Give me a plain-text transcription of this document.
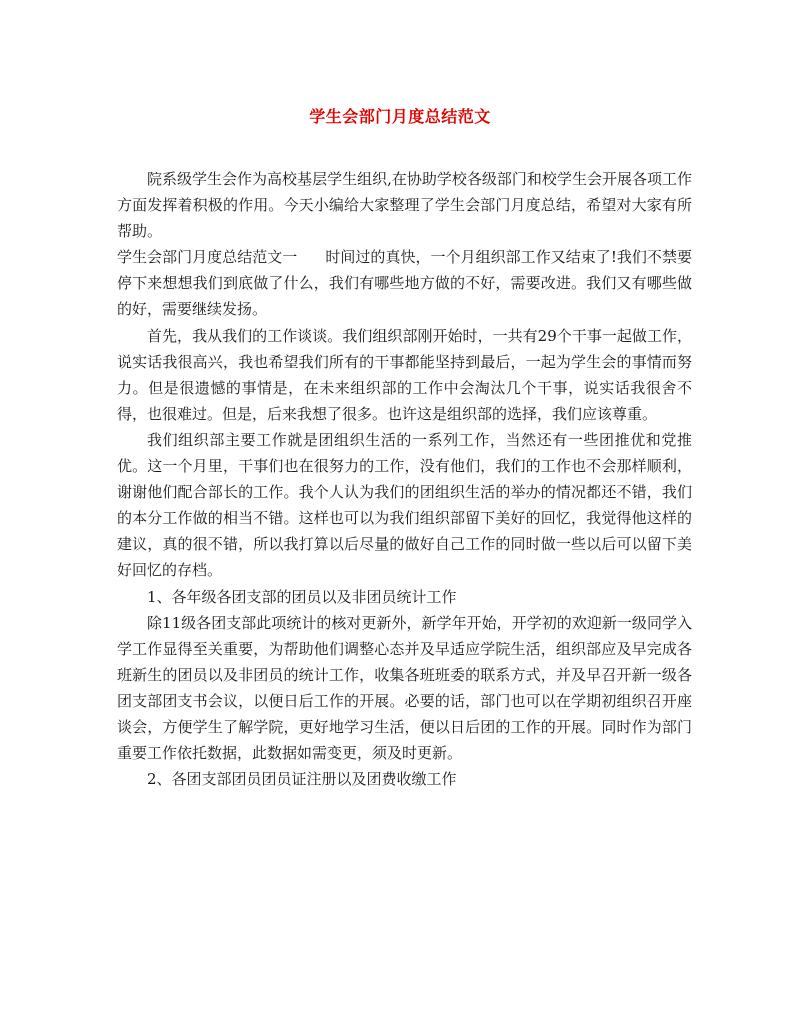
学生会部门月度总结范文

院系级学生会作为高校基层学生组织,在协助学校各级部门和校学生会开展各项工作方面发挥着积极的作用。今天小编给大家整理了学生会部门月度总结，希望对大家有所帮助。

学生会部门月度总结范文一 时间过的真快，一个月组织部工作又结束了!我们不禁要停下来想想我们到底做了什么，我们有哪些地方做的不好，需要改进。我们又有哪些做的好，需要继续发扬。

首先，我从我们的工作谈谈。我们组织部刚开始时，一共有29个干事一起做工作，说实话我很高兴，我也希望我们所有的干事都能坚持到最后，一起为学生会的事情而努力。但是很遗憾的事情是，在未来组织部的工作中会淘汰几个干事，说实话我很舍不得，也很难过。但是，后来我想了很多。也许这是组织部的选择，我们应该尊重。

我们组织部主要工作就是团组织生活的一系列工作，当然还有一些团推优和党推优。这一个月里，干事们也在很努力的工作，没有他们，我们的工作也不会那样顺利，谢谢他们配合部长的工作。我个人认为我们的团组织生活的举办的情况都还不错，我们的本分工作做的相当不错。这样也可以为我们组织部留下美好的回忆，我觉得他这样的建议，真的很不错，所以我打算以后尽量的做好自己工作的同时做一些以后可以留下美好回忆的存档。

1、各年级各团支部的团员以及非团员统计工作

除11级各团支部此项统计的核对更新外，新学年开始，开学初的欢迎新一级同学入学工作显得至关重要，为帮助他们调整心态并及早适应学院生活，组织部应及早完成各班新生的团员以及非团员的统计工作，收集各班班委的联系方式，并及早召开新一级各团支部团支书会议，以便日后工作的开展。必要的话，部门也可以在学期初组织召开座谈会，方便学生了解学院，更好地学习生活，便以日后团的工作的开展。同时作为部门重要工作依托数据，此数据如需变更，须及时更新。

2、各团支部团员团员证注册以及团费收缴工作
